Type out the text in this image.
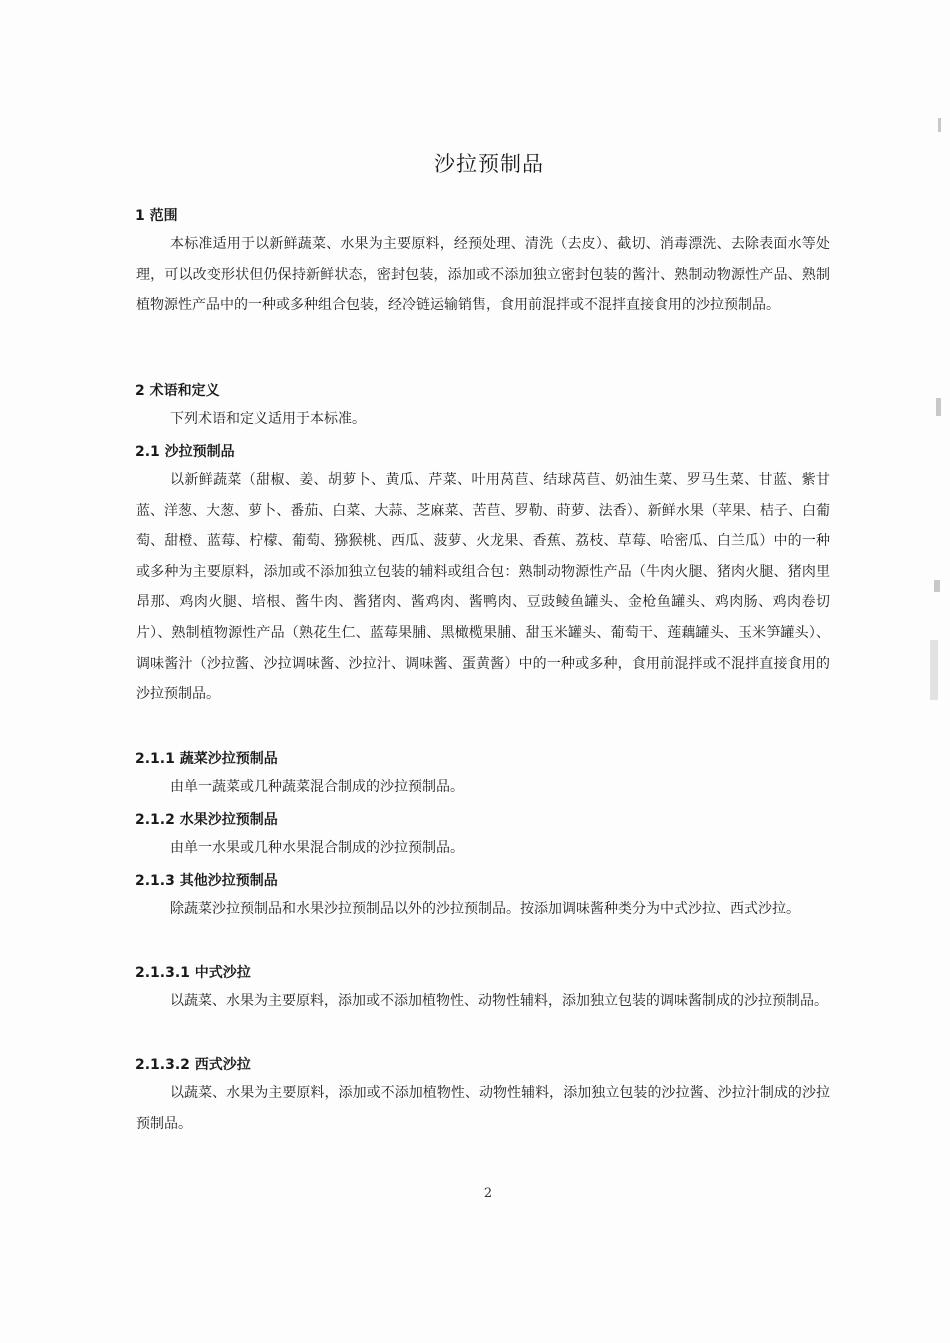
沙拉预制品
1 范围

本标准适用于以新鲜蔬菜、水果为主要原料，经预处理、清洗（去皮）、截切、消毒漂洗、去除表面水等处理，可以改变形状但仍保持新鲜状态，密封包装，添加或不添加独立密封包装的酱汁、熟制动物源性产品、熟制植物源性产品中的一种或多种组合包装，经冷链运输销售，食用前混拌或不混拌直接食用的沙拉预制品。

2 术语和定义

下列术语和定义适用于本标准。

2.1 沙拉预制品

以新鲜蔬菜（甜椒、姜、胡萝卜、黄瓜、芹菜、叶用莴苣、结球莴苣、奶油生菜、罗马生菜、甘蓝、紫甘蓝、洋葱、大葱、萝卜、番茄、白菜、大蒜、芝麻菜、苦苣、罗勒、莳萝、法香）、新鲜水果（苹果、桔子、白葡萄、甜橙、蓝莓、柠檬、葡萄、猕猴桃、西瓜、菠萝、火龙果、香蕉、荔枝、草莓、哈密瓜、白兰瓜）中的一种或多种为主要原料，添加或不添加独立包装的辅料或组合包：熟制动物源性产品（牛肉火腿、猪肉火腿、猪肉里昂那、鸡肉火腿、培根、酱牛肉、酱猪肉、酱鸡肉、酱鸭肉、豆豉鲮鱼罐头、金枪鱼罐头、鸡肉肠、鸡肉卷切片）、熟制植物源性产品（熟花生仁、蓝莓果脯、黑橄榄果脯、甜玉米罐头、葡萄干、莲藕罐头、玉米笋罐头）、调味酱汁（沙拉酱、沙拉调味酱、沙拉汁、调味酱、蛋黄酱）中的一种或多种，食用前混拌或不混拌直接食用的沙拉预制品。

2.1.1 蔬菜沙拉预制品

由单一蔬菜或几种蔬菜混合制成的沙拉预制品。

2.1.2 水果沙拉预制品

由单一水果或几种水果混合制成的沙拉预制品。

2.1.3 其他沙拉预制品

除蔬菜沙拉预制品和水果沙拉预制品以外的沙拉预制品。按添加调味酱种类分为中式沙拉、西式沙拉。

2.1.3.1 中式沙拉

以蔬菜、水果为主要原料，添加或不添加植物性、动物性辅料，添加独立包装的调味酱制成的沙拉预制品。

2.1.3.2 西式沙拉

以蔬菜、水果为主要原料，添加或不添加植物性、动物性辅料，添加独立包装的沙拉酱、沙拉汁制成的沙拉预制品。

2
